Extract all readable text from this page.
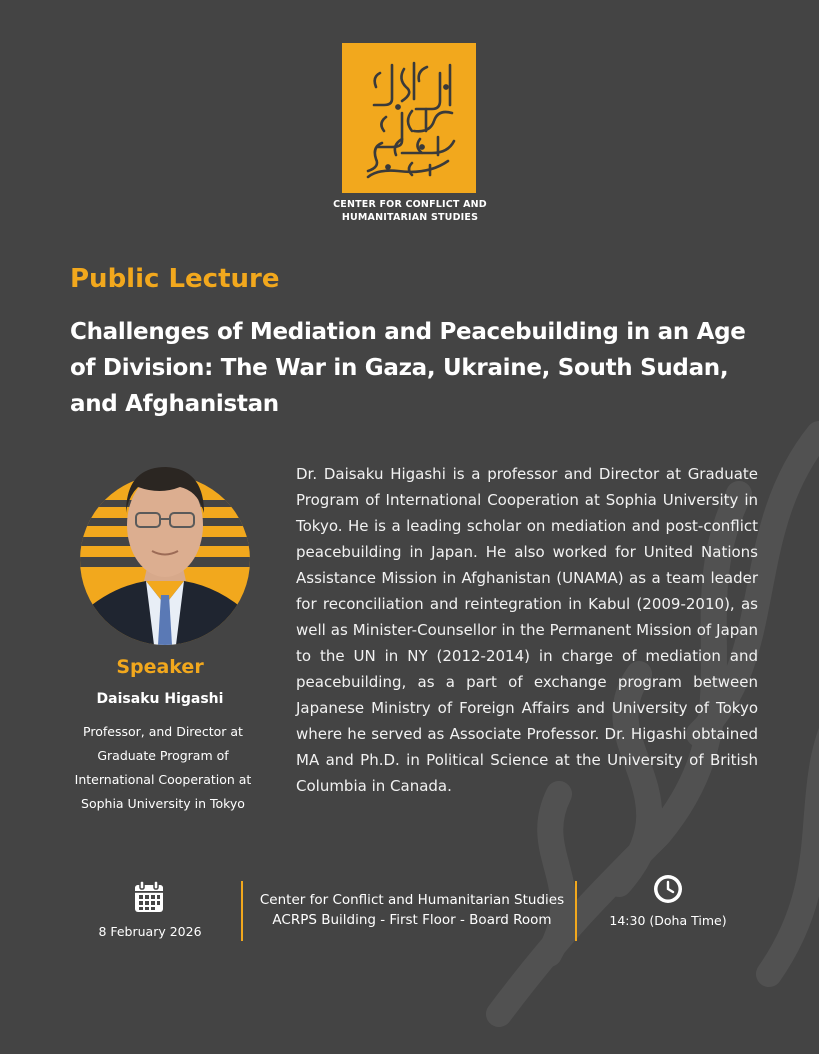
CENTER FOR CONFLICT AND
HUMANITARIAN STUDIES
Public Lecture
Challenges of Mediation and Peacebuilding in an Age of Division: The War in Gaza, Ukraine, South Sudan, and Afghanistan
Speaker
Daisaku Higashi
Professor, and Director at
Graduate Program of
International Cooperation at
Sophia University in Tokyo
Dr. Daisaku Higashi is a professor and Director at Graduate Program of International Cooperation at Sophia University in Tokyo. He is a leading scholar on mediation and post-conflict peacebuilding in Japan. He also worked for United Nations Assistance Mission in Afghanistan (UNAMA) as a team leader for reconciliation and reintegration in Kabul (2009-2010), as well as Minister-Counsellor in the Permanent Mission of Japan to the UN in NY (2012-2014) in charge of mediation and peacebuilding, as a part of exchange program between Japanese Ministry of Foreign Affairs and University of Tokyo where he served as Associate Professor. Dr. Higashi obtained MA and Ph.D. in Political Science at the University of British Columbia in Canada.
8 February 2026
Center for Conflict and Humanitarian Studies
ACRPS Building - First Floor - Board Room	14:30 (Doha Time)
